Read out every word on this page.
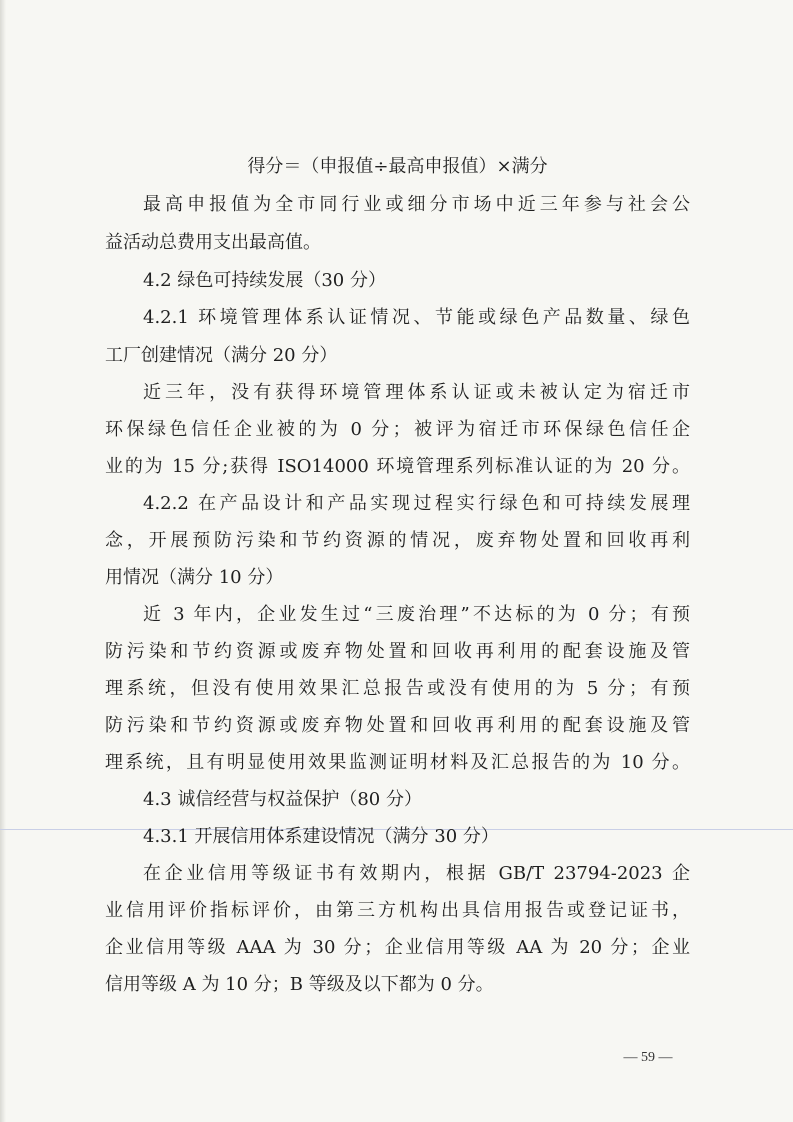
得分＝（申报值÷最高申报值）×满分
最高申报值为全市同行业或细分市场中近三年参与社会公
益活动总费用支出最高值。
4.2 绿色可持续发展（30 分）
4.2.1 环境管理体系认证情况、节能或绿色产品数量、绿色
工厂创建情况（满分 20 分）
近三年，没有获得环境管理体系认证或未被认定为宿迁市
环保绿色信任企业被的为 0 分；被评为宿迁市环保绿色信任企
业的为 15 分;获得 ISO14000 环境管理系列标准认证的为 20 分。
4.2.2 在产品设计和产品实现过程实行绿色和可持续发展理
念，开展预防污染和节约资源的情况，废弃物处置和回收再利
用情况（满分 10 分）
近 3 年内，企业发生过“三废治理”不达标的为 0 分；有预
防污染和节约资源或废弃物处置和回收再利用的配套设施及管
理系统，但没有使用效果汇总报告或没有使用的为 5 分；有预
防污染和节约资源或废弃物处置和回收再利用的配套设施及管
理系统，且有明显使用效果监测证明材料及汇总报告的为 10 分。
4.3 诚信经营与权益保护（80 分）
4.3.1 开展信用体系建设情况（满分 30 分）
在企业信用等级证书有效期内，根据 GB/T 23794-2023 企
业信用评价指标评价，由第三方机构出具信用报告或登记证书，
企业信用等级 AAA 为 30 分；企业信用等级 AA 为 20 分；企业
信用等级 A 为 10 分；B 等级及以下都为 0 分。
— 59 —
